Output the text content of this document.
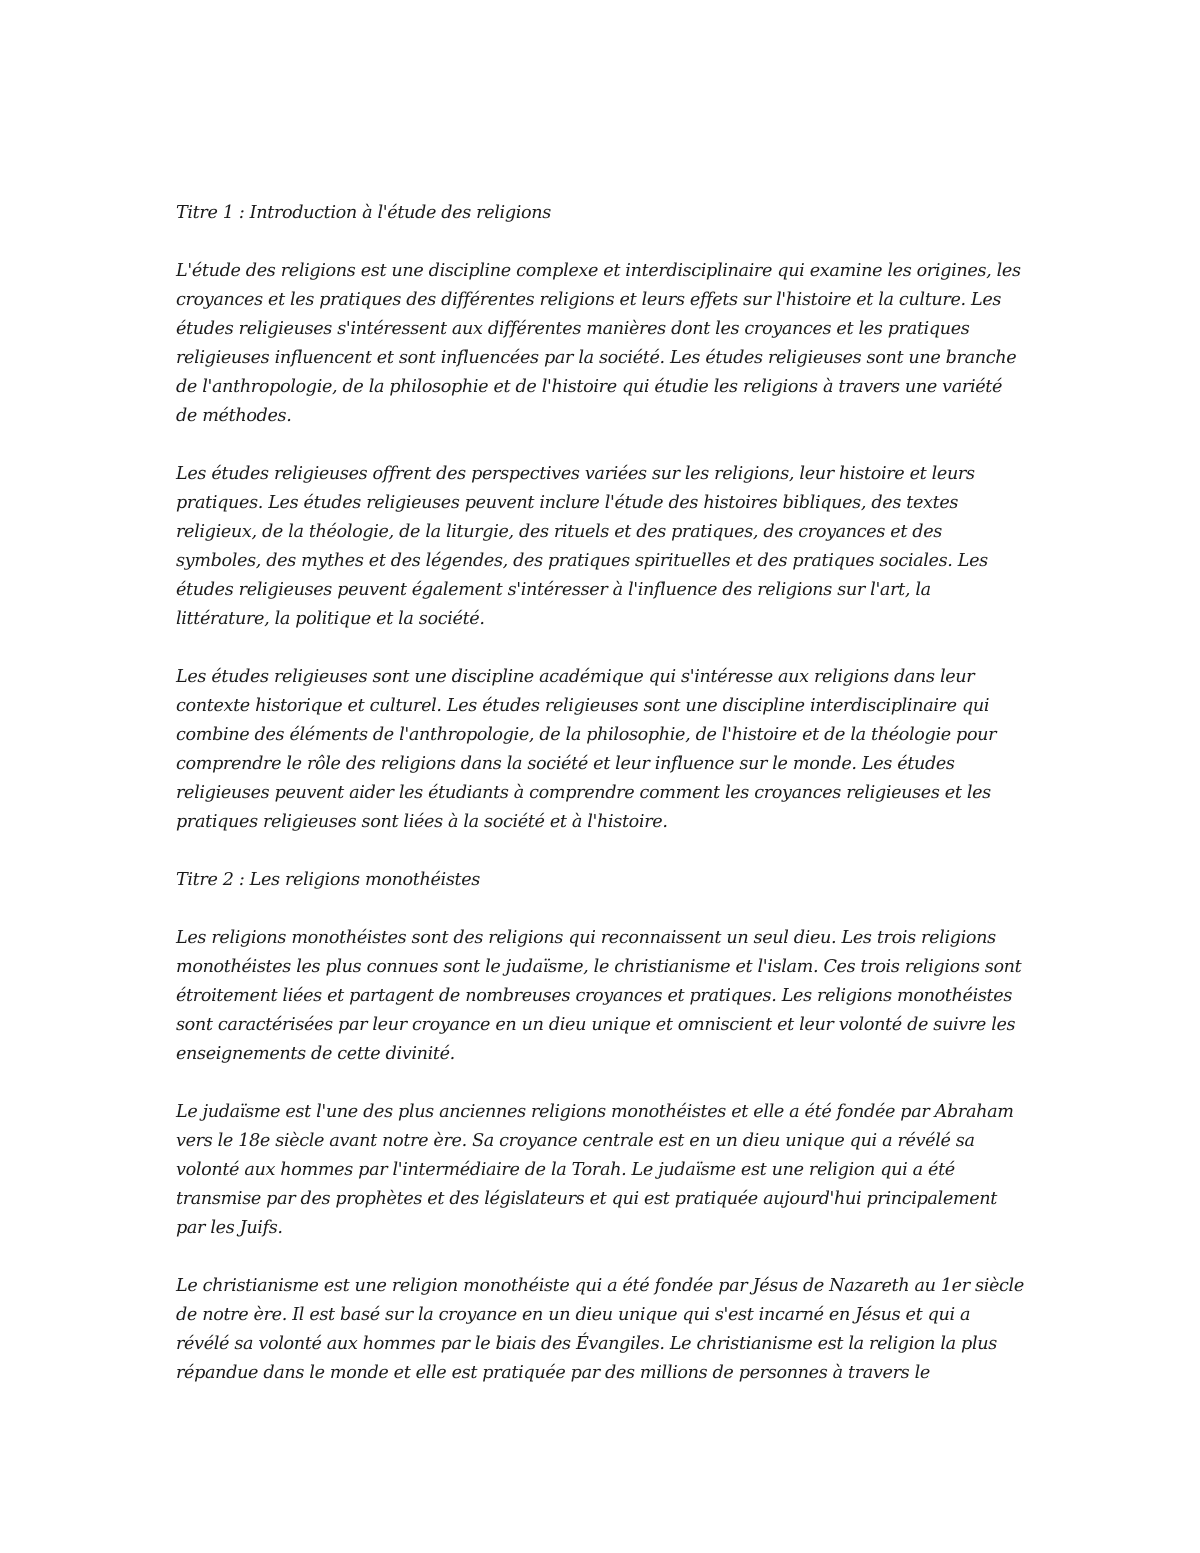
Titre 1 : Introduction à l'étude des religions

L'étude des religions est une discipline complexe et interdisciplinaire qui examine les origines, les croyances et les pratiques des différentes religions et leurs effets sur l'histoire et la culture. Les études religieuses s'intéressent aux différentes manières dont les croyances et les pratiques religieuses influencent et sont influencées par la société. Les études religieuses sont une branche de l'anthropologie, de la philosophie et de l'histoire qui étudie les religions à travers une variété de méthodes.

Les études religieuses offrent des perspectives variées sur les religions, leur histoire et leurs pratiques. Les études religieuses peuvent inclure l'étude des histoires bibliques, des textes religieux, de la théologie, de la liturgie, des rituels et des pratiques, des croyances et des symboles, des mythes et des légendes, des pratiques spirituelles et des pratiques sociales. Les études religieuses peuvent également s'intéresser à l'influence des religions sur l'art, la littérature, la politique et la société.

Les études religieuses sont une discipline académique qui s'intéresse aux religions dans leur contexte historique et culturel. Les études religieuses sont une discipline interdisciplinaire qui combine des éléments de l'anthropologie, de la philosophie, de l'histoire et de la théologie pour comprendre le rôle des religions dans la société et leur influence sur le monde. Les études religieuses peuvent aider les étudiants à comprendre comment les croyances religieuses et les pratiques religieuses sont liées à la société et à l'histoire.

Titre 2 : Les religions monothéistes

Les religions monothéistes sont des religions qui reconnaissent un seul dieu. Les trois religions monothéistes les plus connues sont le judaïsme, le christianisme et l'islam. Ces trois religions sont étroitement liées et partagent de nombreuses croyances et pratiques. Les religions monothéistes sont caractérisées par leur croyance en un dieu unique et omniscient et leur volonté de suivre les enseignements de cette divinité.

Le judaïsme est l'une des plus anciennes religions monothéistes et elle a été fondée par Abraham vers le 18e siècle avant notre ère. Sa croyance centrale est en un dieu unique qui a révélé sa volonté aux hommes par l'intermédiaire de la Torah. Le judaïsme est une religion qui a été transmise par des prophètes et des législateurs et qui est pratiquée aujourd'hui principalement par les Juifs.

Le christianisme est une religion monothéiste qui a été fondée par Jésus de Nazareth au 1er siècle de notre ère. Il est basé sur la croyance en un dieu unique qui s'est incarné en Jésus et qui a révélé sa volonté aux hommes par le biais des Évangiles. Le christianisme est la religion la plus répandue dans le monde et elle est pratiquée par des millions de personnes à travers le
